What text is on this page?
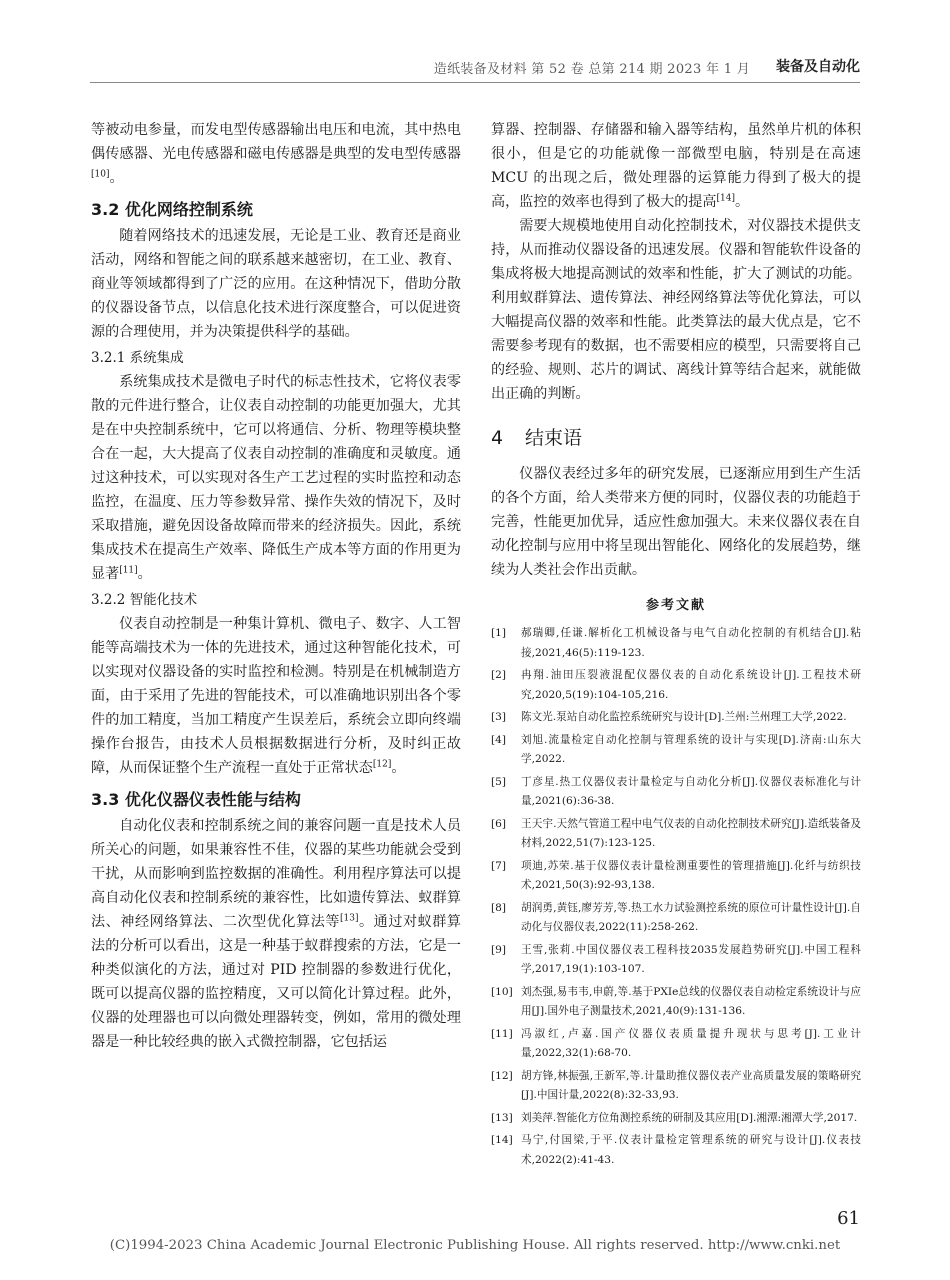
造纸装备及材料 第 52 卷 总第 214 期 2023 年 1 月 装备及自动化

等被动电参量，而发电型传感器输出电压和电流，其中热电偶传感器、光电传感器和磁电传感器是典型的发电型传感器[10]。

3.2 优化网络控制系统

随着网络技术的迅速发展，无论是工业、教育还是商业活动，网络和智能之间的联系越来越密切，在工业、教育、商业等领域都得到了广泛的应用。在这种情况下，借助分散的仪器设备节点，以信息化技术进行深度整合，可以促进资源的合理使用，并为决策提供科学的基础。

3.2.1 系统集成

系统集成技术是微电子时代的标志性技术，它将仪表零散的元件进行整合，让仪表自动控制的功能更加强大，尤其是在中央控制系统中，它可以将通信、分析、物理等模块整合在一起，大大提高了仪表自动控制的准确度和灵敏度。通过这种技术，可以实现对各生产工艺过程的实时监控和动态监控，在温度、压力等参数异常、操作失效的情况下，及时采取措施，避免因设备故障而带来的经济损失。因此，系统集成技术在提高生产效率、降低生产成本等方面的作用更为显著[11]。

3.2.2 智能化技术

仪表自动控制是一种集计算机、微电子、数字、人工智能等高端技术为一体的先进技术，通过这种智能化技术，可以实现对仪器设备的实时监控和检测。特别是在机械制造方面，由于采用了先进的智能技术，可以准确地识别出各个零件的加工精度，当加工精度产生误差后，系统会立即向终端操作台报告，由技术人员根据数据进行分析，及时纠正故障，从而保证整个生产流程一直处于正常状态[12]。

3.3 优化仪器仪表性能与结构

自动化仪表和控制系统之间的兼容问题一直是技术人员所关心的问题，如果兼容性不佳，仪器的某些功能就会受到干扰，从而影响到监控数据的准确性。利用程序算法可以提高自动化仪表和控制系统的兼容性，比如遗传算法、蚁群算法、神经网络算法、二次型优化算法等[13]。通过对蚁群算法的分析可以看出，这是一种基于蚁群搜索的方法，它是一种类似演化的方法，通过对 PID 控制器的参数进行优化，既可以提高仪器的监控精度，又可以简化计算过程。此外，仪器的处理器也可以向微处理器转变，例如，常用的微处理器是一种比较经典的嵌入式微控制器，它包括运

算器、控制器、存储器和输入器等结构，虽然单片机的体积很小，但是它的功能就像一部微型电脑，特别是在高速 MCU 的出现之后，微处理器的运算能力得到了极大的提高，监控的效率也得到了极大的提高[14]。

需要大规模地使用自动化控制技术，对仪器技术提供支持，从而推动仪器设备的迅速发展。仪器和智能软件设备的集成将极大地提高测试的效率和性能，扩大了测试的功能。利用蚁群算法、遗传算法、神经网络算法等优化算法，可以大幅提高仪器的效率和性能。此类算法的最大优点是，它不需要参考现有的数据，也不需要相应的模型，只需要将自己的经验、规则、芯片的调试、离线计算等结合起来，就能做出正确的判断。

4 结束语

仪器仪表经过多年的研究发展，已逐渐应用到生产生活的各个方面，给人类带来方便的同时，仪器仪表的功能趋于完善，性能更加优异，适应性愈加强大。未来仪器仪表在自动化控制与应用中将呈现出智能化、网络化的发展趋势，继续为人类社会作出贡献。

参考文献
[1] 郝瑞卿,任谦.解析化工机械设备与电气自动化控制的有机结合[J].粘接,2021,46(5):119-123.
[2] 冉翔.油田压裂液混配仪器仪表的自动化系统设计[J].工程技术研究,2020,5(19):104-105,216.
[3] 陈文光.泵站自动化监控系统研究与设计[D].兰州:兰州理工大学,2022.
[4] 刘旭.流量检定自动化控制与管理系统的设计与实现[D].济南:山东大学,2022.
[5] 丁彦星.热工仪器仪表计量检定与自动化分析[J].仪器仪表标准化与计量,2021(6):36-38.
[6] 王天宇.天然气管道工程中电气仪表的自动化控制技术研究[J].造纸装备及材料,2022,51(7):123-125.
[7] 项迪,苏荣.基于仪器仪表计量检测重要性的管理措施[J].化纤与纺织技术,2021,50(3):92-93,138.
[8] 胡润勇,黄钰,廖芳芳,等.热工水力试验测控系统的原位可计量性设计[J].自动化与仪器仪表,2022(11):258-262.
[9] 王雪,张莉.中国仪器仪表工程科技2035发展趋势研究[J].中国工程科学,2017,19(1):103-107.
[10] 刘杰强,易韦韦,申蔚,等.基于PXIe总线的仪器仪表自动检定系统设计与应用[J].国外电子测量技术,2021,40(9):131-136.
[11] 冯淑红,卢嘉.国产仪器仪表质量提升现状与思考[J].工业计量,2022,32(1):68-70.
[12] 胡方锋,林振强,王新军,等.计量助推仪器仪表产业高质量发展的策略研究[J].中国计量,2022(8):32-33,93.
[13] 刘美萍.智能化方位角测控系统的研制及其应用[D].湘潭:湘潭大学,2017.
[14] 马宁,付国梁,于平.仪表计量检定管理系统的研究与设计[J].仪表技术,2022(2):41-43.
61
(C)1994-2023 China Academic Journal Electronic Publishing House. All rights reserved. http://www.cnki.net
